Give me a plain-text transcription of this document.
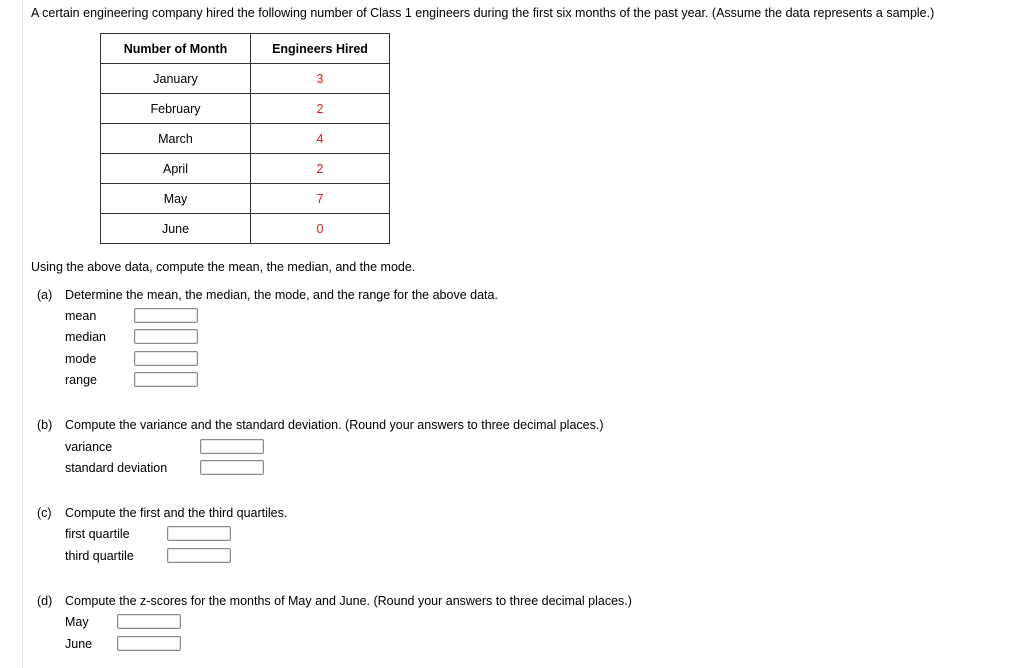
A certain engineering company hired the following number of Class 1 engineers during the first six months of the past year. (Assume the data represents a sample.)
Number of Month	Engineers Hired
January	3
February	2
March	4
April	2
May	7
June	0
Using the above data, compute the mean, the median, and the mode.
(a) Determine the mean, the median, the mode, and the range for the above data.
mean
median
mode
range
(b) Compute the variance and the standard deviation. (Round your answers to three decimal places.)
variance
standard deviation
(c) Compute the first and the third quartiles.
first quartile
third quartile
(d) Compute the z-scores for the months of May and June. (Round your answers to three decimal places.)
May
June
